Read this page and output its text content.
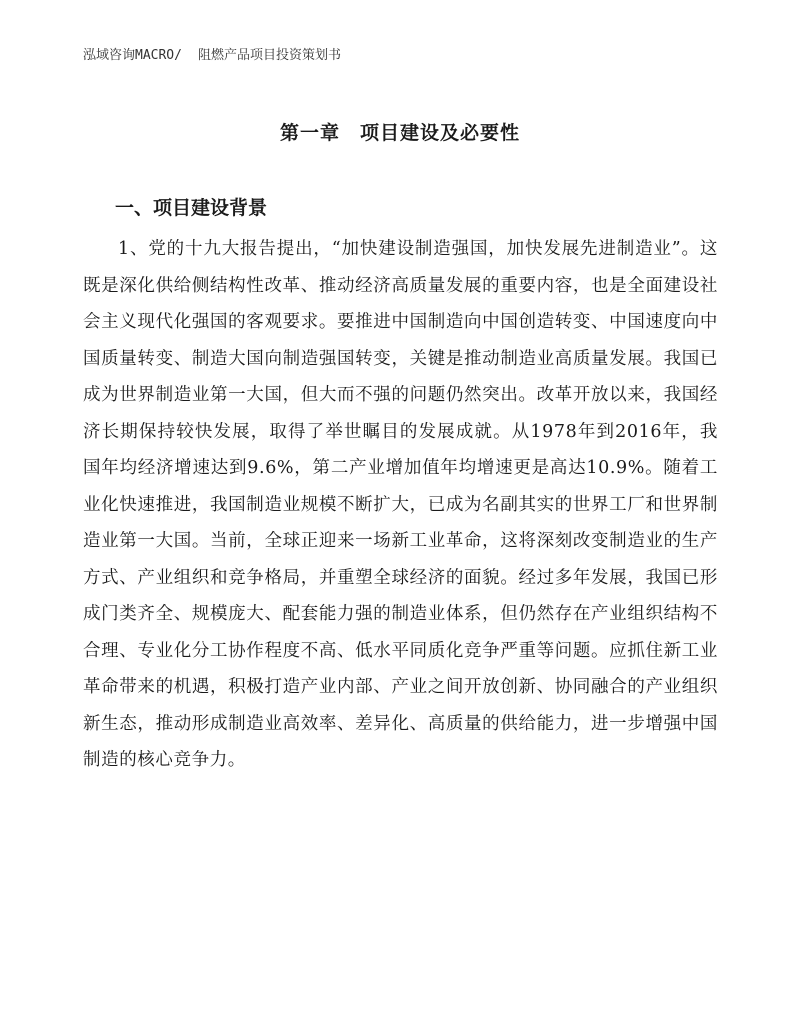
泓域咨询MACRO/ 阻燃产品项目投资策划书
第一章　项目建设及必要性
一、项目建设背景

1、党的十九大报告提出，“加快建设制造强国，加快发展先进制造业”。这既是深化供给侧结构性改革、推动经济高质量发展的重要内容，也是全面建设社会主义现代化强国的客观要求。要推进中国制造向中国创造转变、中国速度向中国质量转变、制造大国向制造强国转变，关键是推动制造业高质量发展。我国已成为世界制造业第一大国，但大而不强的问题仍然突出。改革开放以来，我国经济长期保持较快发展，取得了举世瞩目的发展成就。从1978年到2016年，我国年均经济增速达到9.6%，第二产业增加值年均增速更是高达10.9%。随着工业化快速推进，我国制造业规模不断扩大，已成为名副其实的世界工厂和世界制造业第一大国。当前，全球正迎来一场新工业革命，这将深刻改变制造业的生产方式、产业组织和竞争格局，并重塑全球经济的面貌。经过多年发展，我国已形成门类齐全、规模庞大、配套能力强的制造业体系，但仍然存在产业组织结构不合理、专业化分工协作程度不高、低水平同质化竞争严重等问题。应抓住新工业革命带来的机遇，积极打造产业内部、产业之间开放创新、协同融合的产业组织新生态，推动形成制造业高效率、差异化、高质量的供给能力，进一步增强中国制造的核心竞争力。
